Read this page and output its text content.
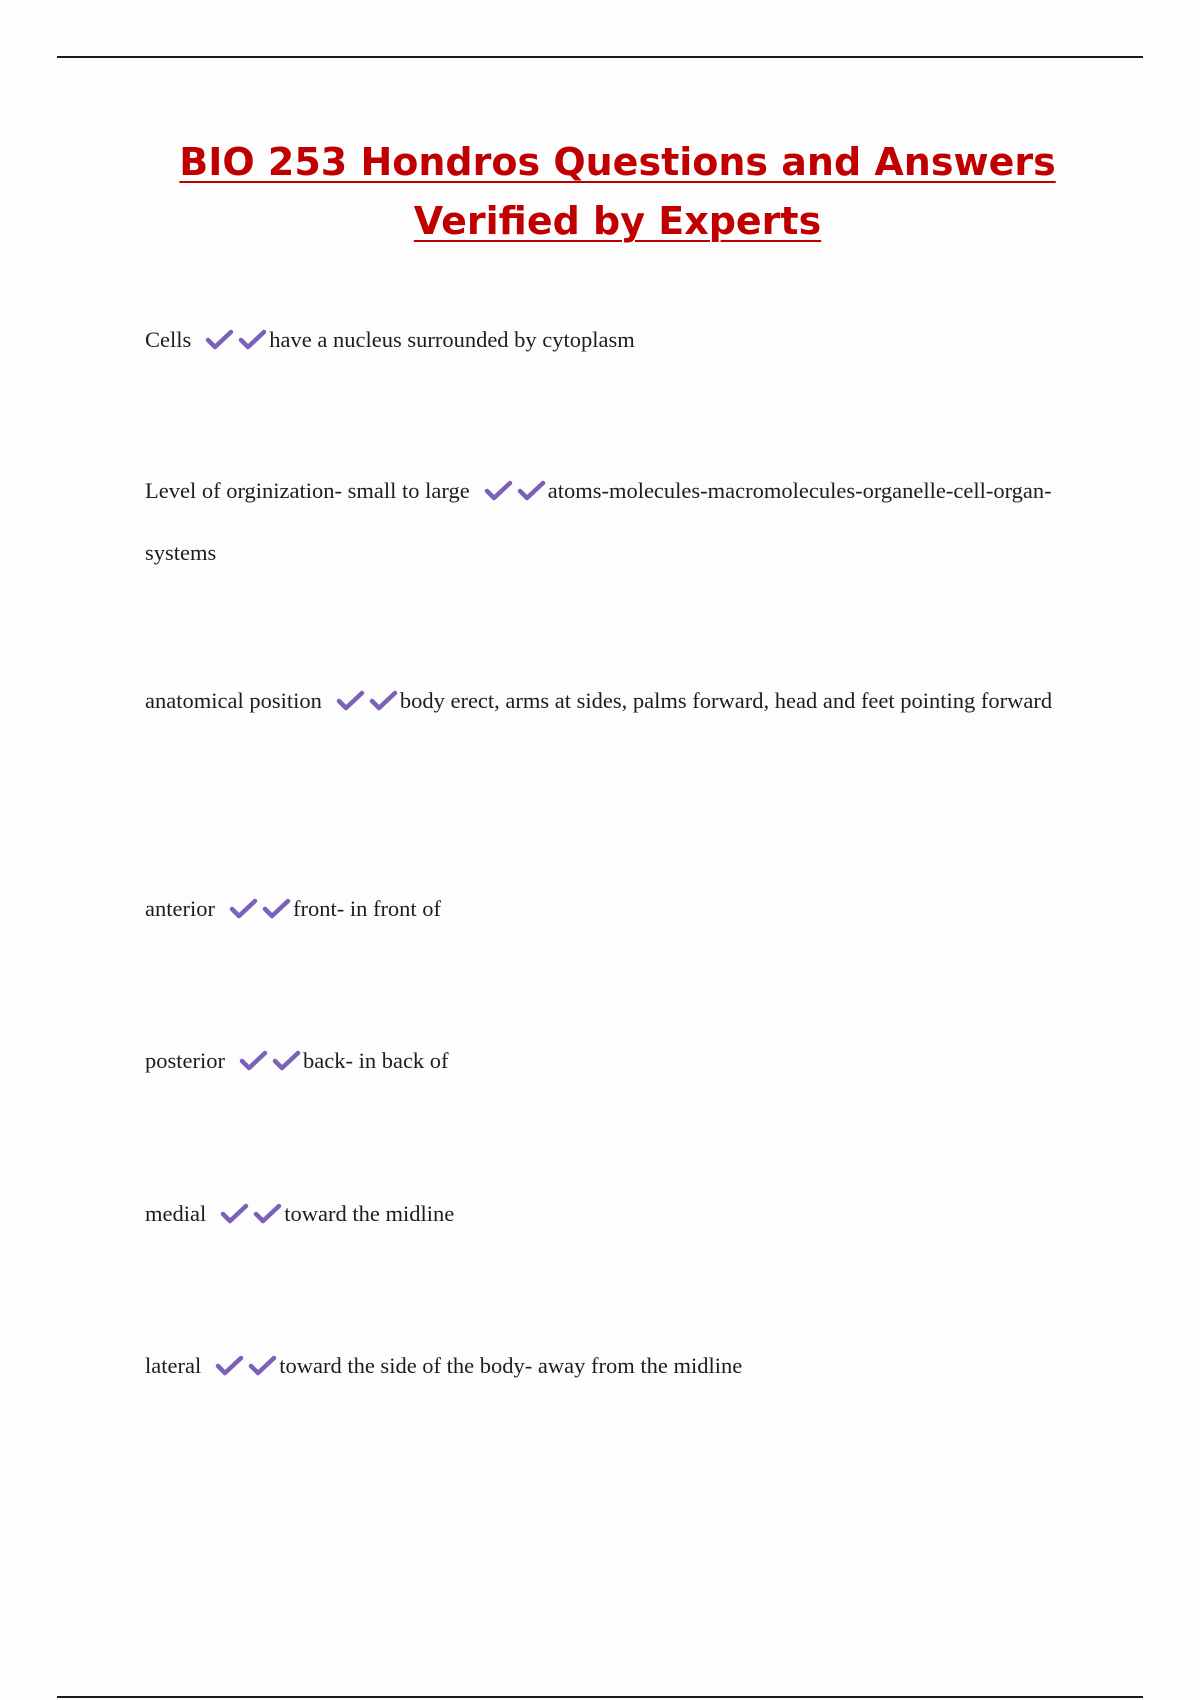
BIO 253 Hondros Questions and Answers
Verified by Experts

Cells	have a nucleus surrounded by cytoplasm

Level of orginization- small to large	atoms-molecules-macromolecules-organelle-cell-organ-systems

anatomical position	body erect, arms at sides, palms forward, head and feet pointing forward

anterior	front- in front of

posterior	back- in back of

medial	toward the midline

lateral	toward the side of the body- away from the midline
